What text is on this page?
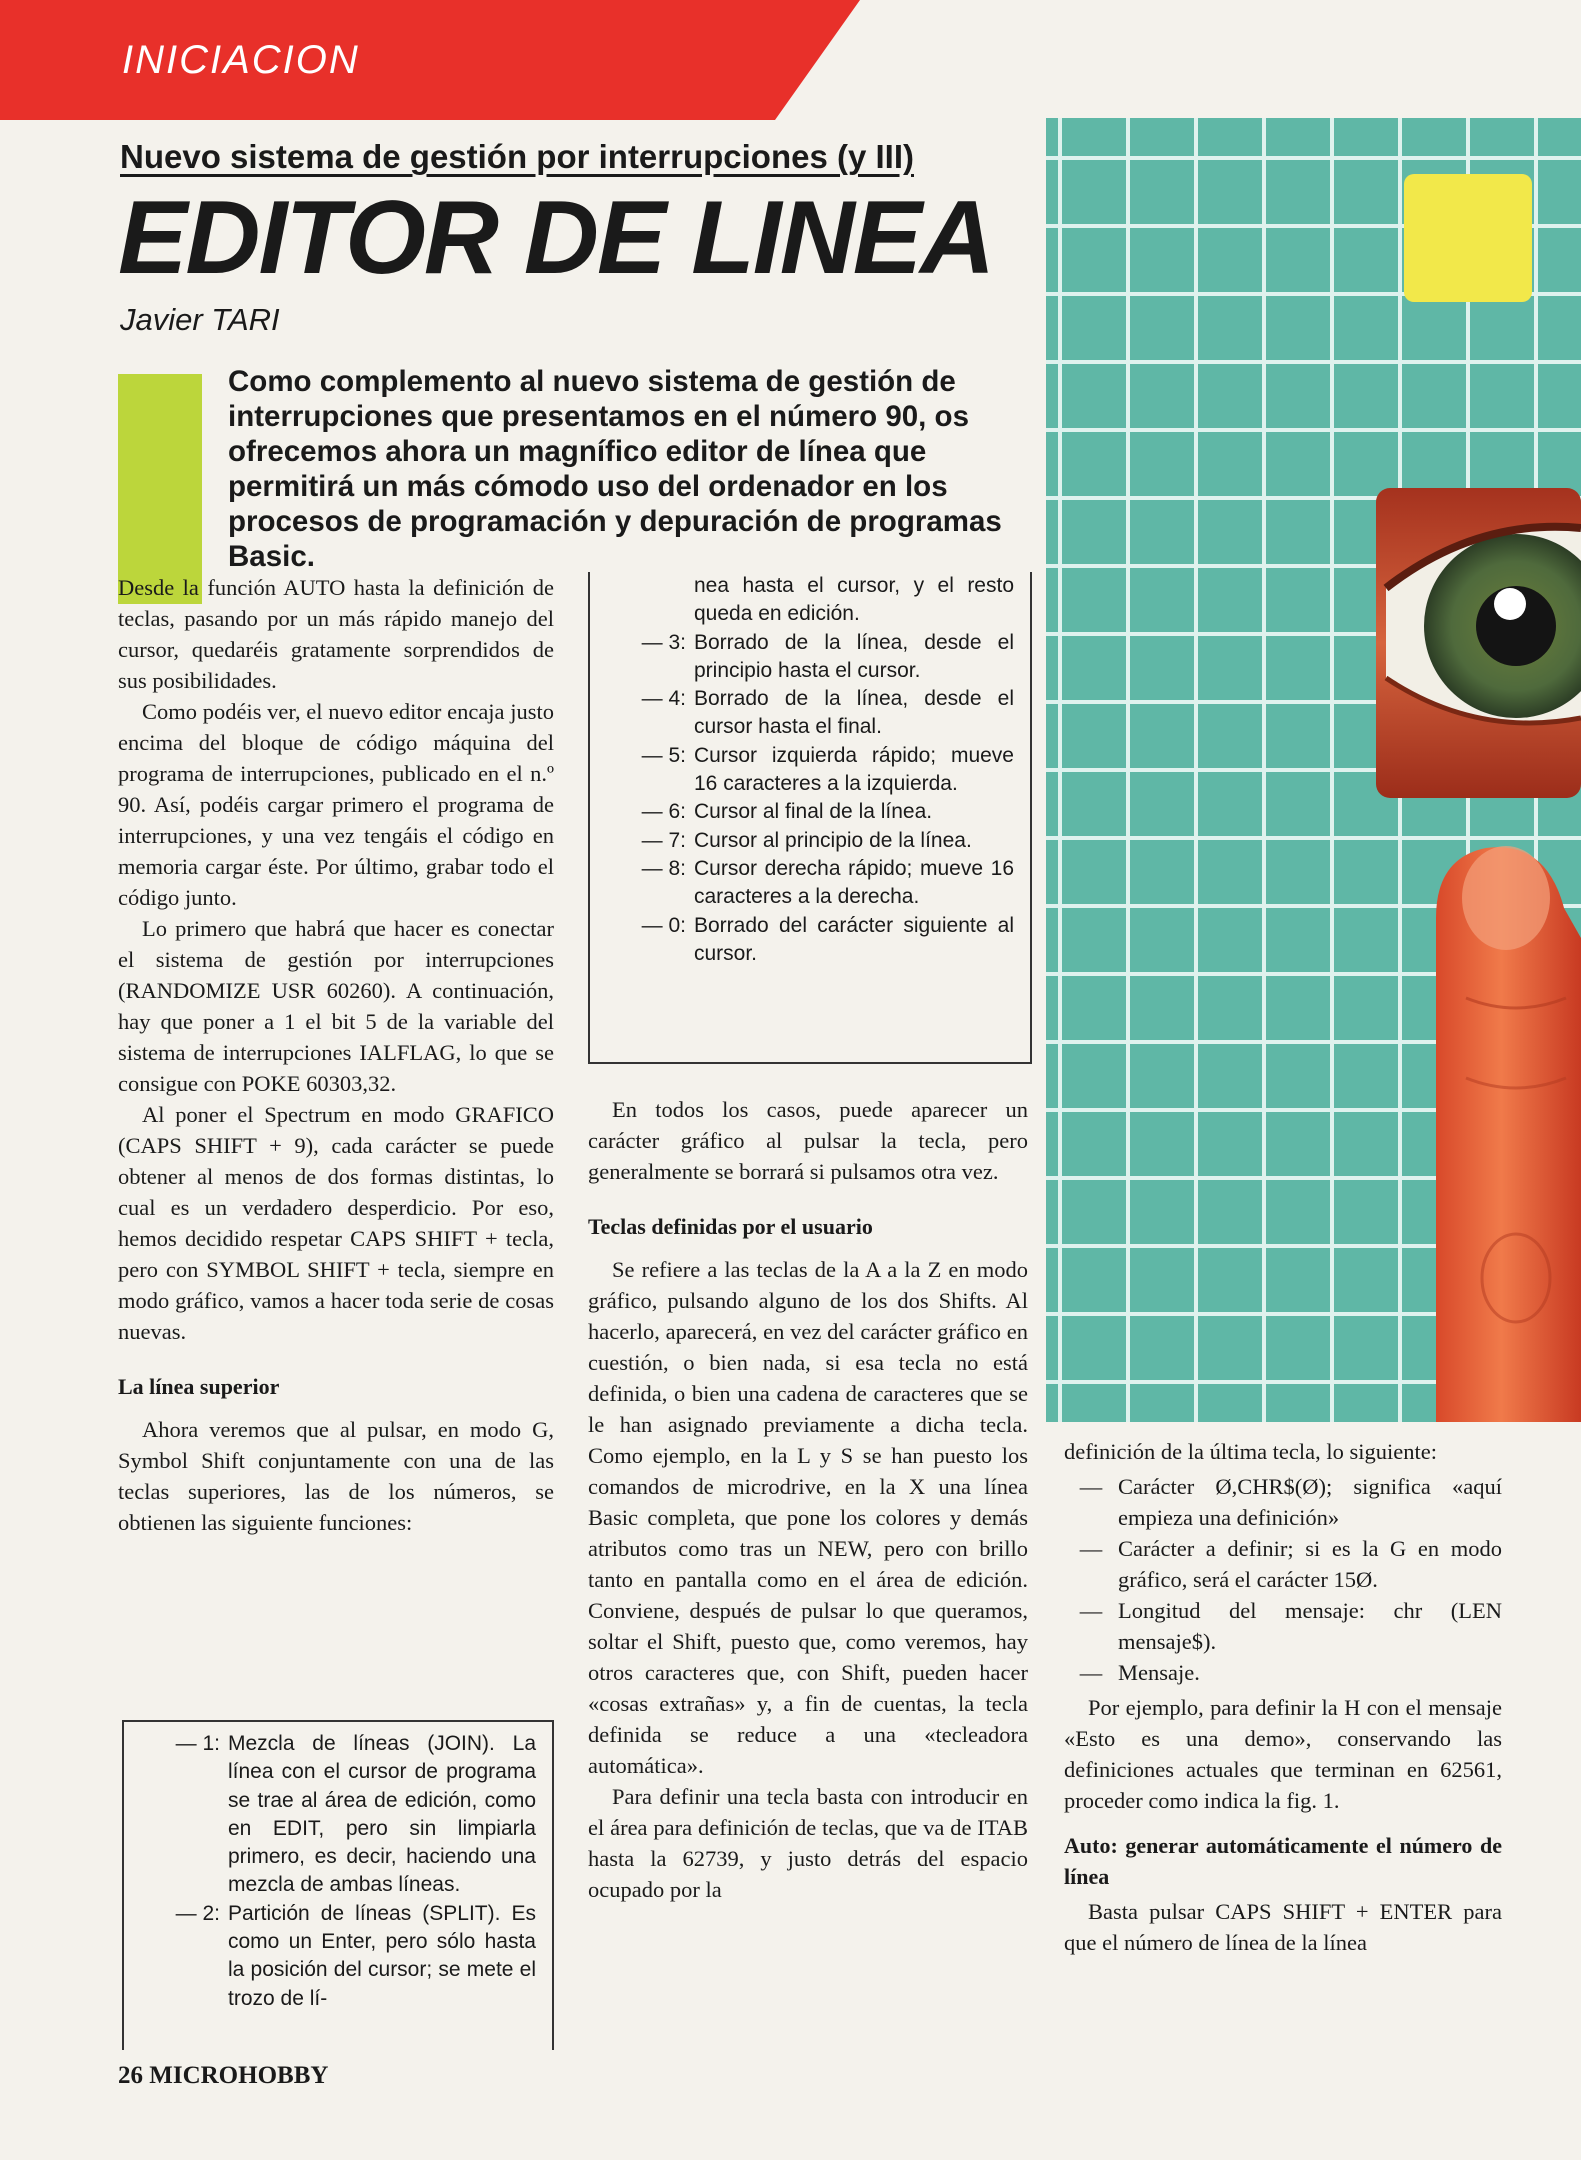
INICIACION
Nuevo sistema de gestión por interrupciones (y III)
EDITOR DE LINEA
Javier TARI
Como complemento al nuevo sistema de gestión de interrupciones que presentamos en el número 90, os ofrecemos ahora un magnífico editor de línea que permitirá un más cómodo uso del ordenador en los procesos de programación y depuración de programas Basic.

Desde la función AUTO hasta la definición de teclas, pasando por un más rápido manejo del cursor, quedaréis gratamente sorprendidos de sus posibilidades.

Como podéis ver, el nuevo editor encaja justo encima del bloque de código máquina del programa de interrupciones, publicado en el n.º 90. Así, podéis cargar primero el programa de interrupciones, y una vez tengáis el código en memoria cargar éste. Por último, grabar todo el código junto.

Lo primero que habrá que hacer es conectar el sistema de gestión por interrupciones (RANDOMIZE USR 60260). A continuación, hay que poner a 1 el bit 5 de la variable del sistema de interrupciones IALFLAG, lo que se consigue con POKE 60303,32.

Al poner el Spectrum en modo GRAFICO (CAPS SHIFT + 9), cada carácter se puede obtener al menos de dos formas distintas, lo cual es un verdadero desperdicio. Por eso, hemos decidido respetar CAPS SHIFT + tecla, pero con SYMBOL SHIFT + tecla, siempre en modo gráfico, vamos a hacer toda serie de cosas nuevas.

La línea superior

Ahora veremos que al pulsar, en modo G, Symbol Shift conjuntamente con una de las teclas superiores, las de los números, se obtienen las siguiente funciones:

— 1: Mezcla de líneas (JOIN). La línea con el cursor de programa se trae al área de edición, como en EDIT, pero sin limpiarla primero, es decir, haciendo una mezcla de ambas líneas.
— 2: Partición de líneas (SPLIT). Es como un Enter, pero sólo hasta la posición del cursor; se mete el trozo de lí-
nea hasta el cursor, y el resto queda en edición.
— 3: Borrado de la línea, desde el principio hasta el cursor.
— 4: Borrado de la línea, desde el cursor hasta el final.
— 5: Cursor izquierda rápido; mueve 16 caracteres a la izquierda.
— 6: Cursor al final de la línea.
— 7: Cursor al principio de la línea.
— 8: Cursor derecha rápido; mueve 16 caracteres a la derecha.
— 0: Borrado del carácter siguiente al cursor.

En todos los casos, puede aparecer un carácter gráfico al pulsar la tecla, pero generalmente se borrará si pulsamos otra vez.

Teclas definidas por el usuario

Se refiere a las teclas de la A a la Z en modo gráfico, pulsando alguno de los dos Shifts. Al hacerlo, aparecerá, en vez del carácter gráfico en cuestión, o bien nada, si esa tecla no está definida, o bien una cadena de caracteres que se le han asignado previamente a dicha tecla. Como ejemplo, en la L y S se han puesto los comandos de microdrive, en la X una línea Basic completa, que pone los colores y demás atributos como tras un NEW, pero con brillo tanto en pantalla como en el área de edición. Conviene, después de pulsar lo que queramos, soltar el Shift, puesto que, como veremos, hay otros caracteres que, con Shift, pueden hacer «cosas extrañas» y, a fin de cuentas, la tecla definida se reduce a una «tecleadora automática».

Para definir una tecla basta con introducir en el área para definición de teclas, que va de ITAB hasta la 62739, y justo detrás del espacio ocupado por la

definición de la última tecla, lo siguiente:

— Carácter Ø,CHR$(Ø); significa «aquí empieza una definición»
— Carácter a definir; si es la G en modo gráfico, será el carácter 15Ø.
— Longitud del mensaje: chr (LEN mensaje$).
— Mensaje.

Por ejemplo, para definir la H con el mensaje «Esto es una demo», conservando las definiciones actuales que terminan en 62561, proceder como indica la fig. 1.

Auto: generar automáticamente el número de línea

Basta pulsar CAPS SHIFT + ENTER para que el número de línea de la línea

26 MICROHOBBY
